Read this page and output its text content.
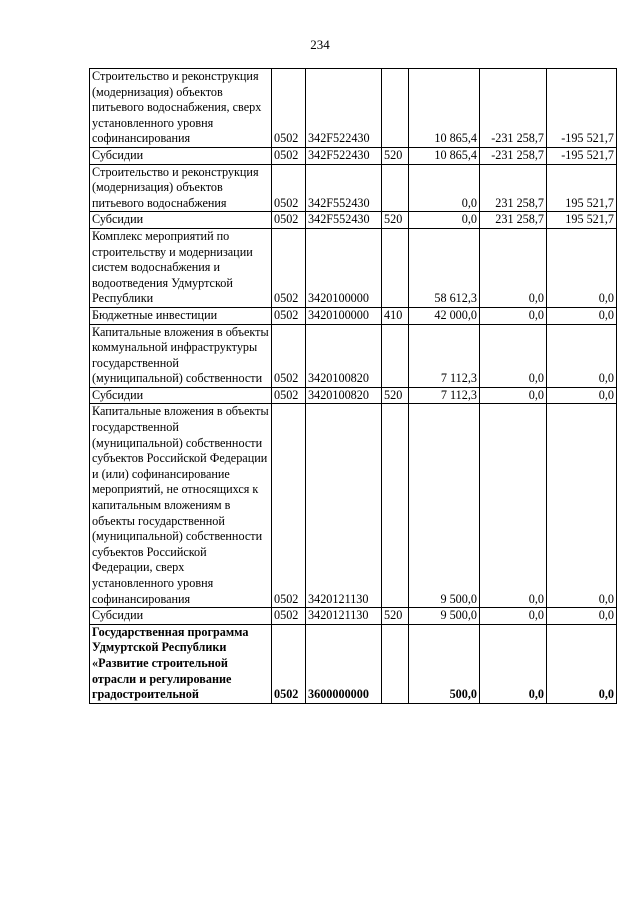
234
Строительство и реконструкция (модернизация) объектов питьевого водоснабжения, сверх установленного уровня софинансирования	0502	342F522430		10 865,4	-231 258,7	-195 521,7
Субсидии	0502	342F522430	520	10 865,4	-231 258,7	-195 521,7
Строительство и реконструкция (модернизация) объектов питьевого водоснабжения	0502	342F552430		0,0	231 258,7	195 521,7
Субсидии	0502	342F552430	520	0,0	231 258,7	195 521,7
Комплекс мероприятий по строительству и модернизации систем водоснабжения и водоотведения Удмуртской Республики	0502	3420100000		58 612,3	0,0	0,0
Бюджетные инвестиции	0502	3420100000	410	42 000,0	0,0	0,0
Капитальные вложения в объекты коммунальной инфраструктуры государственной (муниципальной) собственности	0502	3420100820		7 112,3	0,0	0,0
Субсидии	0502	3420100820	520	7 112,3	0,0	0,0
Капитальные вложения в объекты государственной (муниципальной) собственности субъектов Российской Федерации и (или) софинансирование мероприятий, не относящихся к капитальным вложениям в объекты государственной (муниципальной) собственности субъектов Российской Федерации, сверх установленного уровня софинансирования	0502	3420121130		9 500,0	0,0	0,0
Субсидии	0502	3420121130	520	9 500,0	0,0	0,0
Государственная программа Удмуртской Республики «Развитие строительной отрасли и регулирование градостроительной	0502	3600000000		500,0	0,0	0,0
